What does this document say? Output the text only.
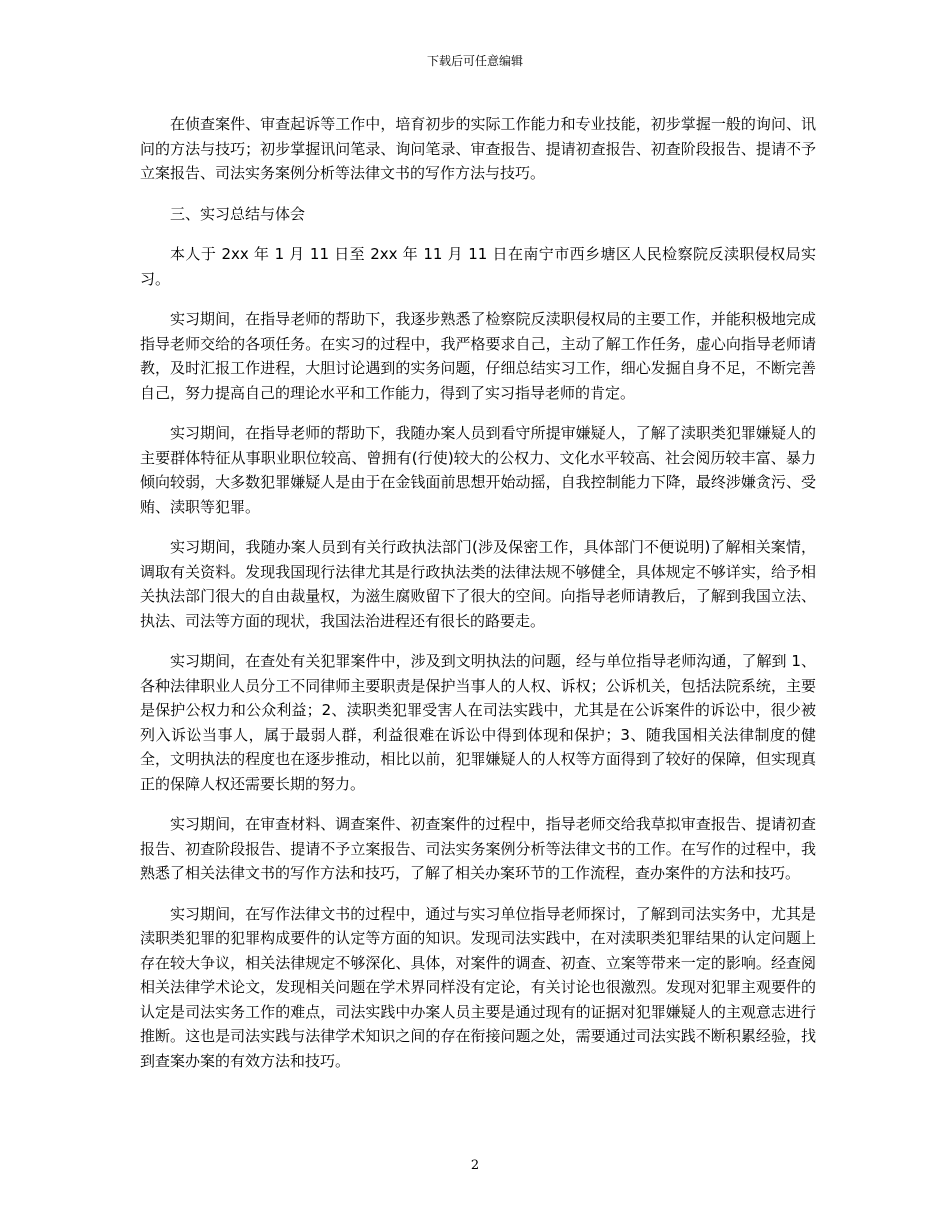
下载后可任意编辑

在侦查案件、审查起诉等工作中，培育初步的实际工作能力和专业技能，初步掌握一般的询问、讯问的方法与技巧；初步掌握讯问笔录、询问笔录、审查报告、提请初查报告、初查阶段报告、提请不予立案报告、司法实务案例分析等法律文书的写作方法与技巧。

三、实习总结与体会

本人于 2xx 年 1 月 11 日至 2xx 年 11 月 11 日在南宁市西乡塘区人民检察院反渎职侵权局实习。

实习期间，在指导老师的帮助下，我逐步熟悉了检察院反渎职侵权局的主要工作，并能积极地完成指导老师交给的各项任务。在实习的过程中，我严格要求自己，主动了解工作任务，虚心向指导老师请教，及时汇报工作进程，大胆讨论遇到的实务问题，仔细总结实习工作，细心发掘自身不足，不断完善自己，努力提高自己的理论水平和工作能力，得到了实习指导老师的肯定。

实习期间，在指导老师的帮助下，我随办案人员到看守所提审嫌疑人，了解了渎职类犯罪嫌疑人的主要群体特征从事职业职位较高、曾拥有(行使)较大的公权力、文化水平较高、社会阅历较丰富、暴力倾向较弱，大多数犯罪嫌疑人是由于在金钱面前思想开始动摇，自我控制能力下降，最终涉嫌贪污、受贿、渎职等犯罪。

实习期间，我随办案人员到有关行政执法部门(涉及保密工作，具体部门不便说明)了解相关案情，调取有关资料。发现我国现行法律尤其是行政执法类的法律法规不够健全，具体规定不够详实，给予相关执法部门很大的自由裁量权，为滋生腐败留下了很大的空间。向指导老师请教后，了解到我国立法、执法、司法等方面的现状，我国法治进程还有很长的路要走。

实习期间，在查处有关犯罪案件中，涉及到文明执法的问题，经与单位指导老师沟通，了解到 1、各种法律职业人员分工不同律师主要职责是保护当事人的人权、诉权；公诉机关，包括法院系统，主要是保护公权力和公众利益；2、渎职类犯罪受害人在司法实践中，尤其是在公诉案件的诉讼中，很少被列入诉讼当事人，属于最弱人群，利益很难在诉讼中得到体现和保护；3、随我国相关法律制度的健全，文明执法的程度也在逐步推动，相比以前，犯罪嫌疑人的人权等方面得到了较好的保障，但实现真正的保障人权还需要长期的努力。

实习期间，在审查材料、调查案件、初查案件的过程中，指导老师交给我草拟审查报告、提请初查报告、初查阶段报告、提请不予立案报告、司法实务案例分析等法律文书的工作。在写作的过程中，我熟悉了相关法律文书的写作方法和技巧，了解了相关办案环节的工作流程，查办案件的方法和技巧。

实习期间，在写作法律文书的过程中，通过与实习单位指导老师探讨，了解到司法实务中，尤其是渎职类犯罪的犯罪构成要件的认定等方面的知识。发现司法实践中，在对渎职类犯罪结果的认定问题上存在较大争议，相关法律规定不够深化、具体，对案件的调查、初查、立案等带来一定的影响。经查阅相关法律学术论文，发现相关问题在学术界同样没有定论，有关讨论也很激烈。发现对犯罪主观要件的认定是司法实务工作的难点，司法实践中办案人员主要是通过现有的证据对犯罪嫌疑人的主观意志进行推断。这也是司法实践与法律学术知识之间的存在衔接问题之处，需要通过司法实践不断积累经验，找到查案办案的有效方法和技巧。

2
